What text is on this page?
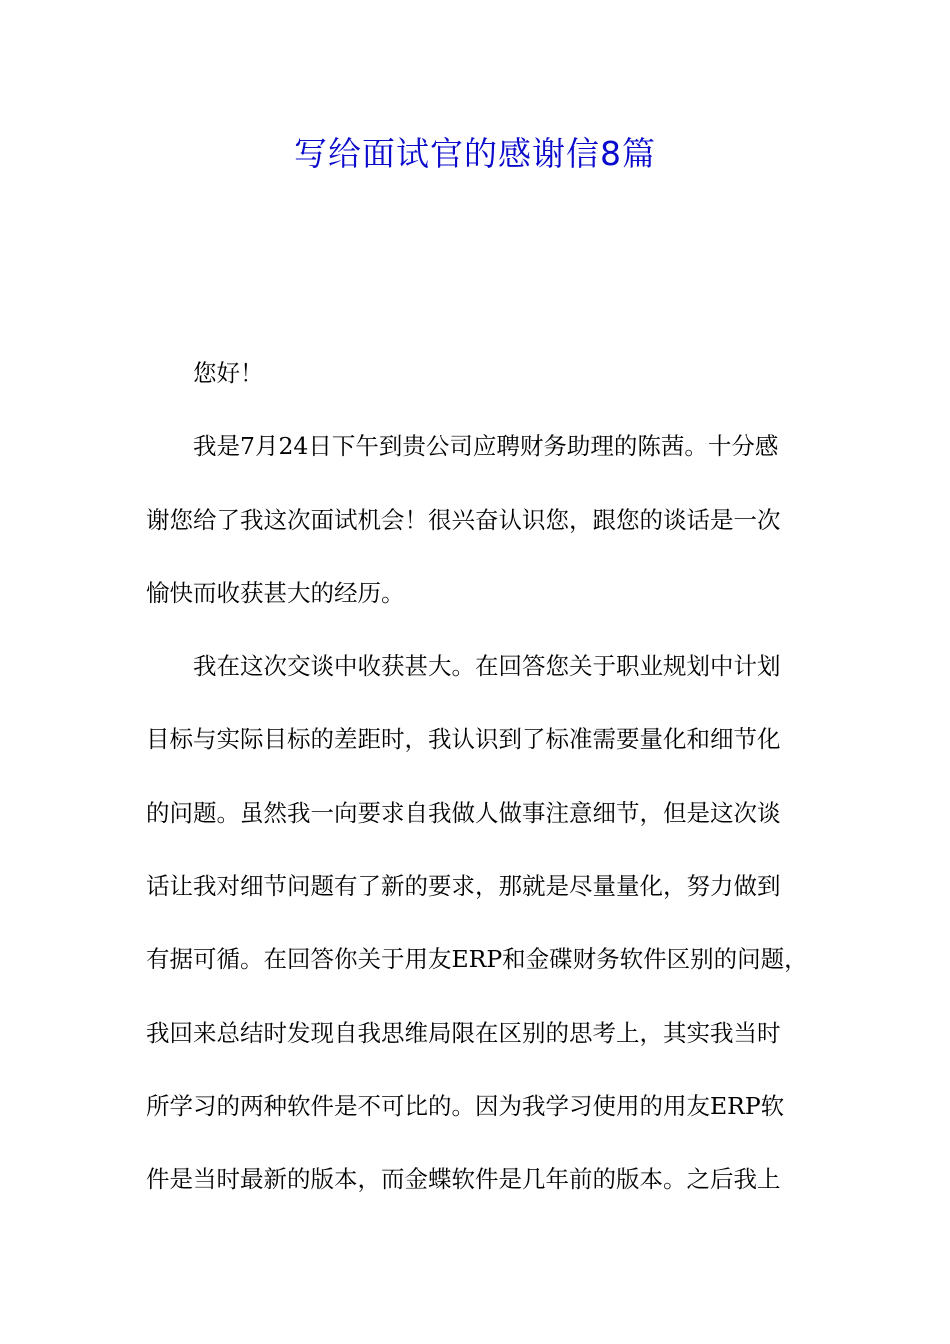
写给面试官的感谢信8篇

您好！

我是7月24日下午到贵公司应聘财务助理的陈茜。十分感
谢您给了我这次面试机会！很兴奋认识您，跟您的谈话是一次
愉快而收获甚大的经历。

我在这次交谈中收获甚大。在回答您关于职业规划中计划
目标与实际目标的差距时，我认识到了标准需要量化和细节化
的问题。虽然我一向要求自我做人做事注意细节，但是这次谈
话让我对细节问题有了新的要求，那就是尽量量化，努力做到
有据可循。在回答你关于用友ERP和金碟财务软件区别的问题，
我回来总结时发现自我思维局限在区别的思考上，其实我当时
所学习的两种软件是不可比的。因为我学习使用的用友ERP软
件是当时最新的版本，而金蝶软件是几年前的版本。之后我上
